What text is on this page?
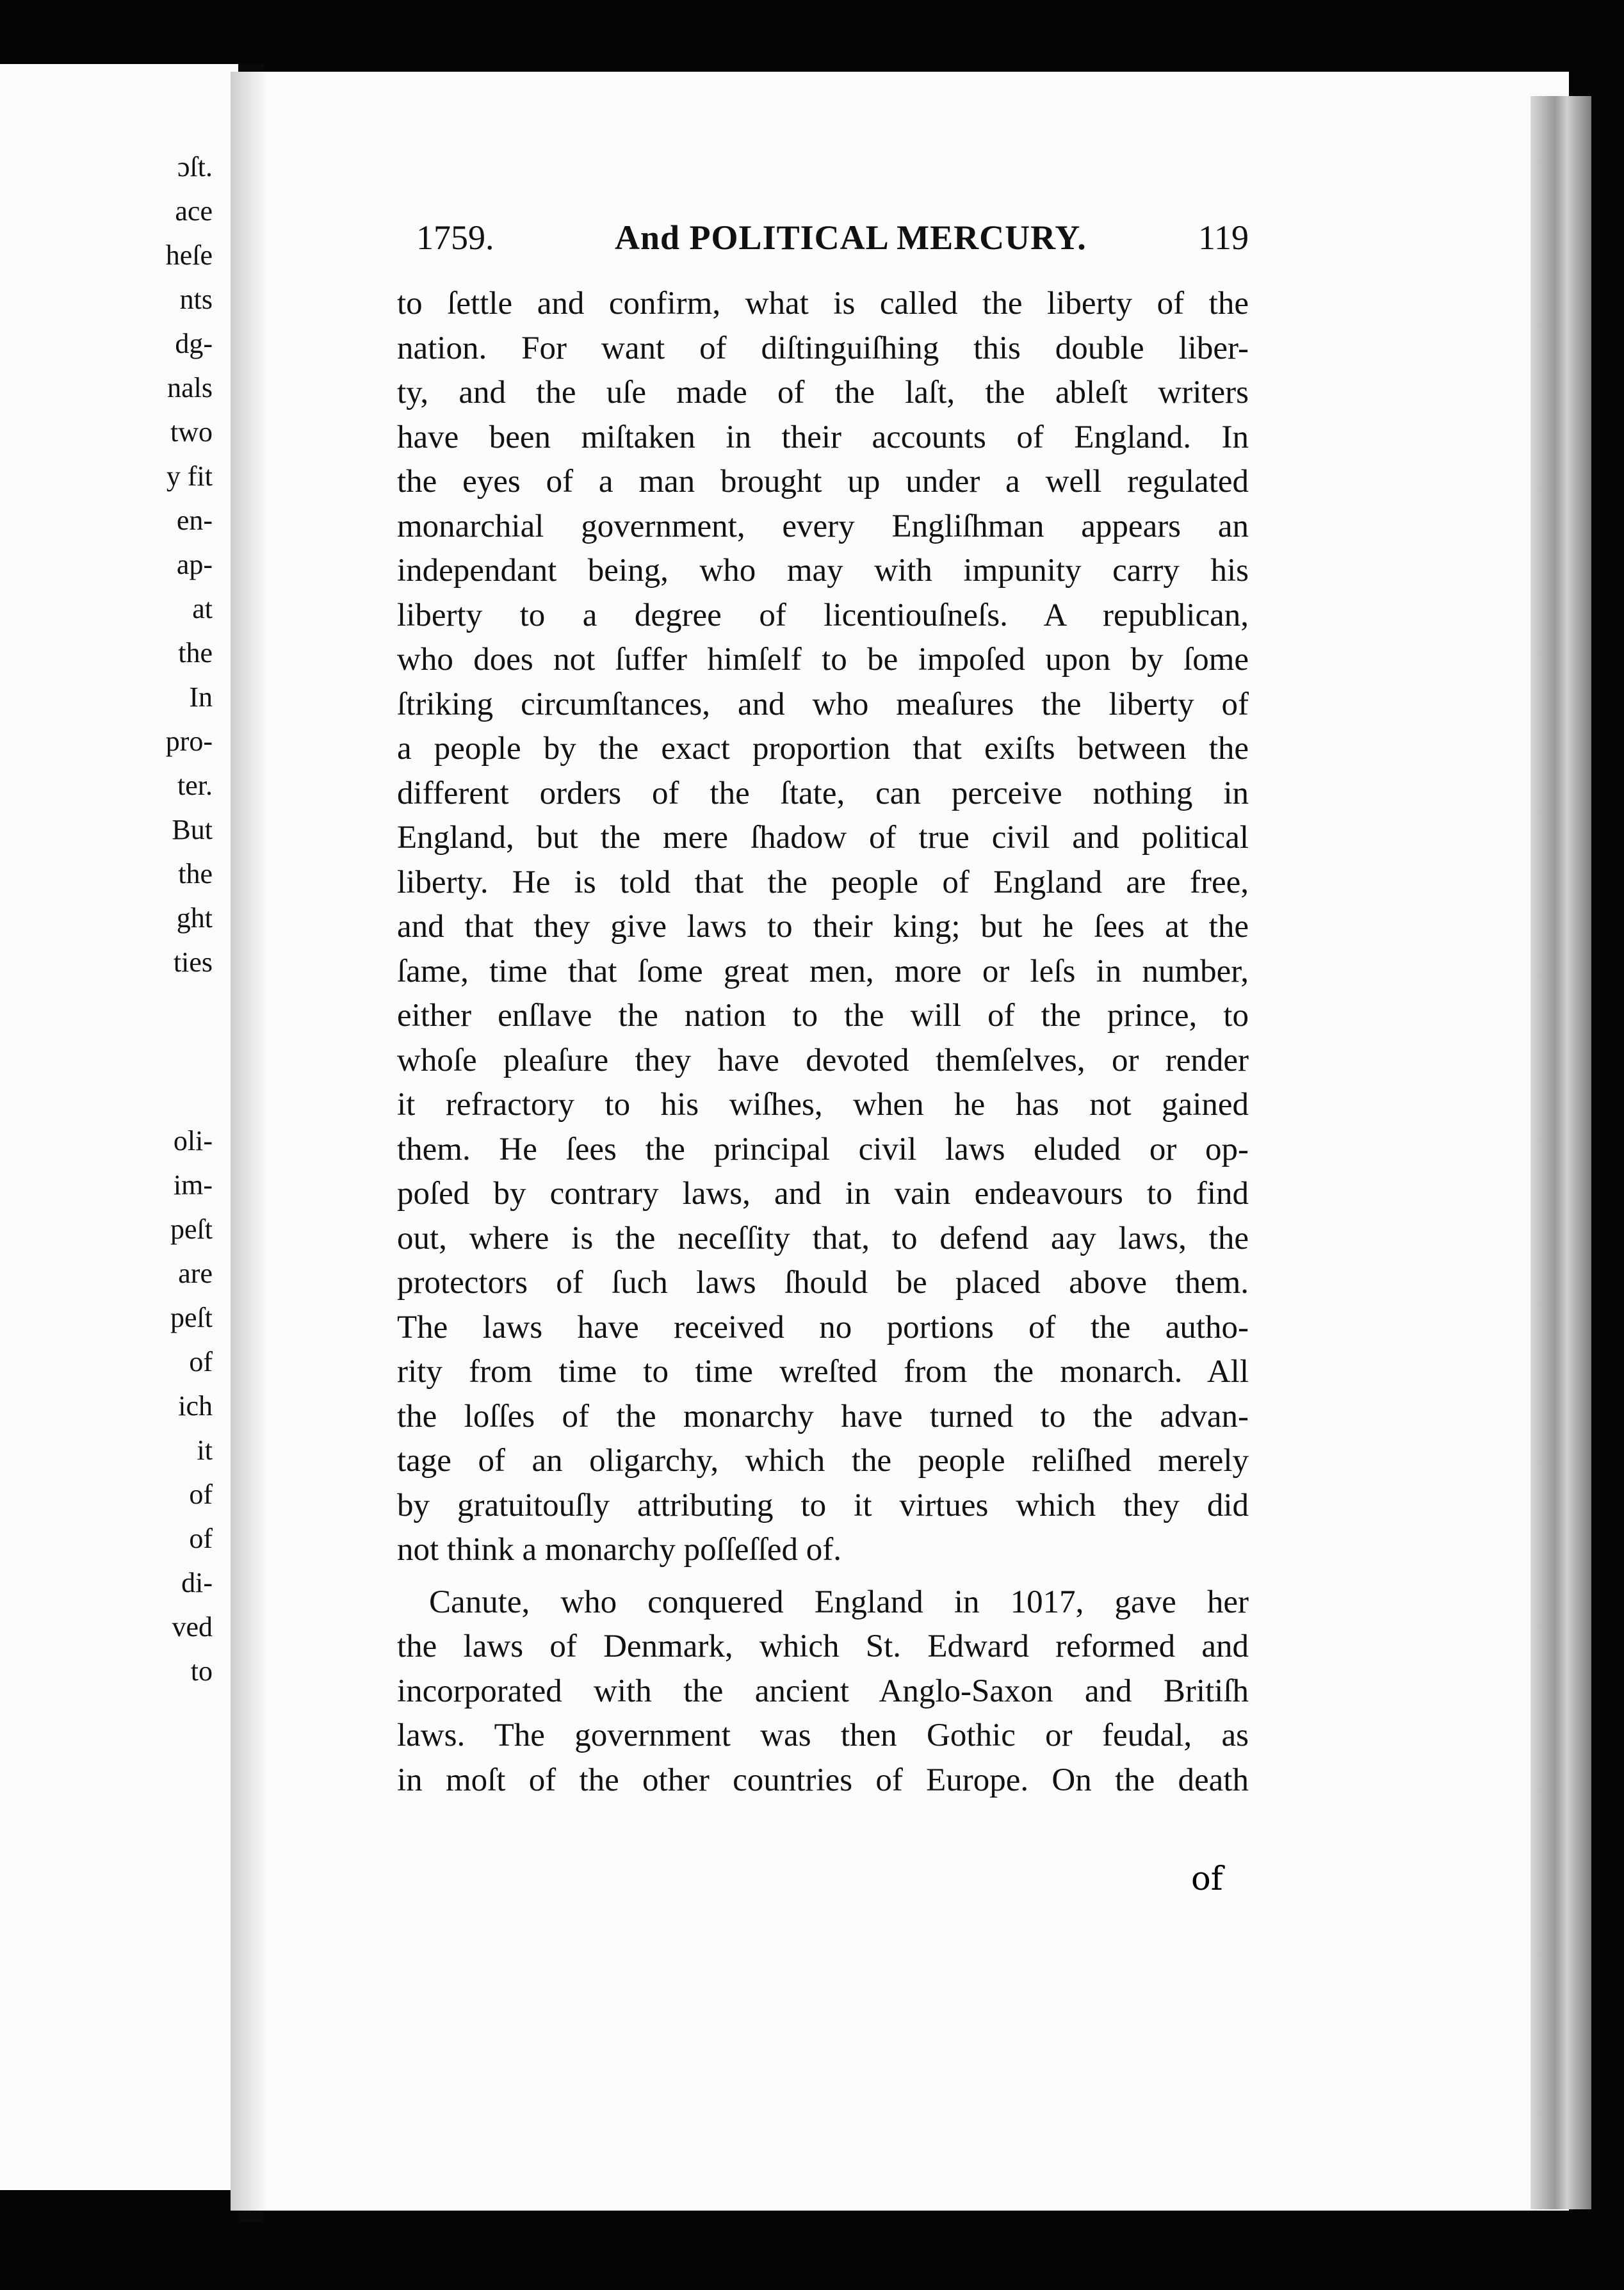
ɔſt.
ace
heſe
nts
dg-
nals
two
y fit
en-
ap-
at
the
In
pro-
ter.
But
the
ght
ties
oli-
im-
peſt
are
peſt
of
ich
it
of
of
di-
ved
to
1759.	And POLITICAL MERCURY.	119
to ſettle and confirm, what is called the liberty of the
nation. For want of diſtinguiſhing this double liber-
ty, and the uſe made of the laſt, the ableſt writers
have been miſtaken in their accounts of England. In
the eyes of a man brought up under a well regulated
monarchial government, every Engliſhman appears an
independant being, who may with impunity carry his
liberty to a degree of licentiouſneſs. A republican,
who does not ſuffer himſelf to be impoſed upon by ſome
ſtriking circumſtances, and who meaſures the liberty of
a people by the exact proportion that exiſts between the
different orders of the ſtate, can perceive nothing in
England, but the mere ſhadow of true civil and political
liberty. He is told that the people of England are free,
and that they give laws to their king; but he ſees at the
ſame, time that ſome great men, more or leſs in number,
either enſlave the nation to the will of the prince, to
whoſe pleaſure they have devoted themſelves, or render
it refractory to his wiſhes, when he has not gained
them. He ſees the principal civil laws eluded or op-
poſed by contrary laws, and in vain endeavours to find
out, where is the neceſſity that, to defend aay laws, the
protectors of ſuch laws ſhould be placed above them.
The laws have received no portions of the autho-
rity from time to time wreſted from the monarch. All
the loſſes of the monarchy have turned to the advan-
tage of an oligarchy, which the people reliſhed merely
by gratuitouſly attributing to it virtues which they did
not think a monarchy poſſeſſed of.
Canute, who conquered England in 1017, gave her
the laws of Denmark, which St. Edward reformed and
incorporated with the ancient Anglo-Saxon and Britiſh
laws. The government was then Gothic or feudal, as
in moſt of the other countries of Europe. On the death
of
